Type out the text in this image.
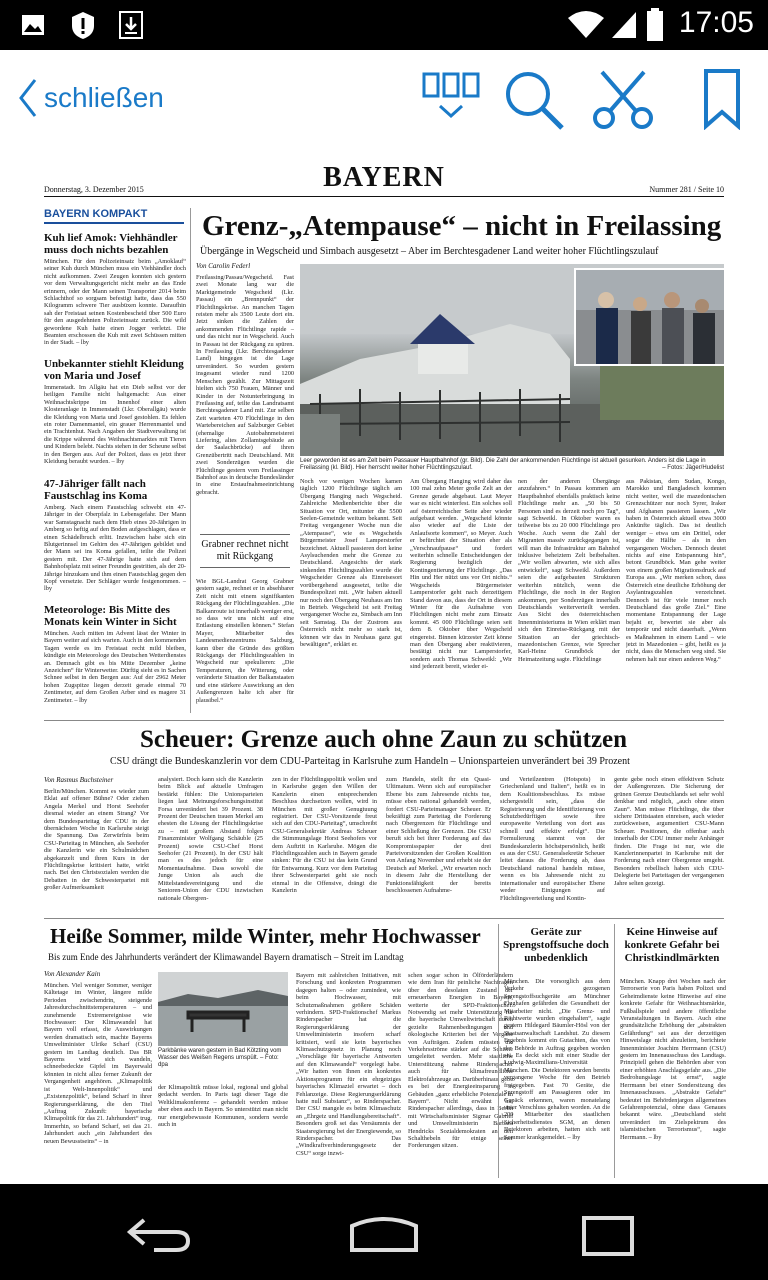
17:05
schließen
BAYERN
Donnerstag, 3. Dezember 2015	Nummer 281 / Seite 10
BAYERN KOMPAKT
Kuh lief Amok: Viehhändler muss doch nichts bezahlen
München. Für den Polizeieinsatz beim „Amoklauf“ seiner Kuh durch München muss ein Viehhändler doch nicht aufkommen. Zwei Zeugen konnten sich gestern vor dem Verwaltungsgericht nicht mehr an das Ende erinnern, oder der Mann seinen Transporter 2014 beim Schlachthof so sorgsam befestigt hatte, dass das 550 Kilogramm schwere Tier ausbüxen konnte. Daraufhin sah der Freistaat seinen Kostenbescheid über 500 Euro für den ausgedehnten Polizeieinsatz zurück. Die wild gewordene Kuh hatte einen Jogger verletzt. Die Beamten erschossen die Kuh mit zwei Schüssen mitten in der Stadt. – lby
Unbekannter stiehlt Kleidung von Maria und Josef
Immenstadt. Im Allgäu hat ein Dieb selbst vor der heiligen Familie nicht haltgemacht: Aus einer Weihnachtskrippe im Innenhof einer alten Klosteranlage in Immenstadt (Lkr. Oberallgäu) wurde die Kleidung von Maria und Josef gestohlen. Es fehlen ein roter Damenmantel, ein grauer Herrenmantel und ein Trachtenhut. Nach Angaben der Stadtverwaltung ist die Krippe während des Weihnachtsmarktes mit Tieren und Kindern belebt. Nachts stehen in der Scheune selbst in den Bergen aus. Auf der Polizei, dass es jetzt ihrer Kleidung beraubt wurden. – lby
47-Jähriger fällt nach Faustschlag ins Koma
Amberg. Nach einem Faustschlag schwebt ein 47-Jähriger in der Oberpfalz in Lebensgefahr. Der Mann war Samstagnacht nach dem Hieb eines 20-Jährigen in Amberg so heftig auf den Boden aufgeschlagen, dass er einen Schädelbruch erlitt. Inzwischen habe sich ein Blutgerinnsel im Gehirn des 47-Jährigen gebildet und der Mann sei ins Koma gefallen, teilte die Polizei gestern mit. Der 47-Jährige hatte sich auf dem Bahnhofsplatz mit seiner Freundin gestritten, als der 20-Jährige hinzukam und ihm einen Faustschlag gegen den Kopf versetzte. Der Schläger wurde festgenommen. – lby
Meteorologe: Bis Mitte des Monats kein Winter in Sicht
München. Auch mitten im Advent lässt der Winter in Bayern weiter auf sich warten. Auch in den kommenden Tagen werde es im Freistaat recht mild bleiben, kündigte ein Meteorologe des Deutschen Wetterdienstes an. Demnach gibt es bis Mitte Dezember „keine Anzeichen“ für Winterwetter. Dürftig sieht es in Sachen Schnee selbst in den Bergen aus: Auf der 2962 Meter hohen Zugspitze liegen derzeit gerade einmal 70 Zentimeter, auf dem Großen Arber sind es magere 31 Zentimeter. – lby
Grenz-„Atempause“ – nicht in Freilassing
Übergänge in Wegscheid und Simbach ausgesetzt – Aber im Berchtesgadener Land weiter hoher Flüchtlingszulauf
Von Carolin Federl
Freilassing/Passau/Wegscheid. Fast zwei Monate lang war die Marktgemeinde Wegscheid (Lkr. Passau) ein „Brennpunkt“ der Flüchtlingskrise. An manchen Tagen reisten mehr als 3500 Leute dort ein. Jetzt sinken die Zahlen der ankommenden Flüchtlinge rapide – und das nicht nur in Wegscheid. Auch in Passau ist der Rückgang zu spüren. In Freilassing (Lkr. Berchtesgadener Land) hingegen ist die Lage unverändert. So wurden gestern insgesamt wieder rund 1200 Menschen gezählt. Zur Mittagszeit hielten sich 750 Frauen, Männer und Kinder in der Notunterbringung in Freilassing auf, teilte das Landratsamt Berchtesgadener Land mit. Zur selben Zeit warteten 470 Flüchtlinge in den Wartebereichen auf Salzburger Gebiet (ehemalige Autobahnmeisterei Liefering, altes Zollamtsgebäude an der Saalachbrücke) auf ihren Grenzübertritt nach Deutschland. Mit zwei Sonderzügen wurden die Flüchtlinge gestern vom Freilassinger Bahnhof aus in deutsche Bundesländer in eine Erstaufnahmeeinrichtung gebracht.
Grabner rechnet nicht mit Rückgang
Wie BGL-Landrat Georg Grabner gestern sagte, rechnet er in absehbarer Zeit nicht mit einem signifikanten Rückgang der Flüchtlingszahlen. „Die Balkanroute ist innerhalb weniger erst, so dass wir uns nicht auf eine Entlastung einstellen können.“ Stefan Mayer, Mitarbeiter des Landesmedienzentrums Salzburg, kann über die Gründe des größten Rückgangs der Flüchtlingszahlen in Wegscheid nur spekulieren: „Die Temperaturen, die Witterung, oder veränderte Situation der Balkanstaaten und eine stärkere Auswirkung an den Außengrenzen halte ich aber für plausibel.“
Leer geworden ist es am Zelt beim Passauer Hauptbahnhof (gr. Bild). Die Zahl der ankommenden Flüchtlinge ist aktuell gesunken. Anders ist die Lage in Freilassing (kl. Bild). Hier herrscht weiter hoher Flüchtlingszulauf.	– Fotos: Jäger/Hudelist
Noch vor wenigen Wochen kamen täglich 1200 Flüchtlinge täglich am Übergang Hanging nach Wegscheid. Zahlreiche Medienberichte über die Situation vor Ort, mitunter die 5500 Seelen-Gemeinde weitum bekannt. Seit Freitag vergangener Woche nun die „Atempause“, wie es Wegscheids Bürgermeister Josef Lamperstorfer bezeichnet. Aktuell passieren dort keine Asylsuchenden mehr die Grenze zu Deutschland. Angesichts der stark sinkenden Flüchtlingszahlen wurde die Wegscheider Grenze als Einreisesort vorübergehend ausgesetzt, teilte die Bundespolizei mit. „Wir haben aktuell nur noch den Übergang Neuhaus am Inn in Betrieb. Wegscheid ist seit Freitag vergangener Woche zu, Simbach am Inn seit Samstag. Da der Zustrom aus Österreich nicht mehr so stark ist, können wir das in Neuhaus ganz gut bewältigen“, erklärt er.
Am Übergang Hanging wird daher das 100 mal zehn Meter große Zelt an der Grenze gerade abgebaut. Laut Meyer war es nicht winterfest. Ein solches soll auf österreichischer Seite aber wieder aufgebaut werden. „Wegscheid könnte also wieder auf die Liste der Anlaufsorte kommen“, so Meyer. Auch er befürchtet der Situation eher als „Verschnaufpause“ und fordert weiterhin schnelle Entscheidungen der Regierung bezüglich der Kontingentierung der Flüchtlinge. „Das Hin und Her nützt uns vor Ort nichts.“ Wegscheids Bürgermeister Lamperstorfer geht nach derzeitigem Stand davon aus, dass der Ort in diesem Winter für die Aufnahme von Flüchtlingen nicht mehr zum Einsatz kommt. 45 000 Flüchtlinge seien seit dem 8. Oktober über Wegscheid eingereist. Binnen kürzester Zeit könne man den Übergang aber reaktivieren, bestätigt nicht nur Lamperstorfer, sondern auch Thomas Schweikl: „Wir sind jederzeit bereit, wieder ei-
nen der anderen Übergänge anzufahren.“ In Passau kommen am Hauptbahnhof ebenfalls praktisch keine Flüchtlinge mehr an. „50 bis 50 Personen sind es derzeit noch pro Tag“, sagt Schweikl. In Oktober waren es teilweise bis zu 20 000 Flüchtlinge pro Woche. Auch wenn die Zahl der Migranten massiv zurückgegangen ist, will man die Infrastruktur am Bahnhof inklusive beheiztem Zelt beibehalten. „Wir wollen abwarten, wie sich alles entwickelt“, sagt Schweikl. Außerdem seien die aufgebauten Strukturen weiterhin nützlich, wenn die Flüchtlinge, die noch in der Region ankommen, per Sonderzügen innerhalb Deutschlands weiterverteilt werden. Aus Sicht des österreichischen Innenministeriums in Wien erklärt man sich den Einreise-Rückgang mit der Situation an der griechisch-mazedonischen Grenze, wie Sprecher Karl-Heinz Grundböck der Heimatzeitung sagte. Flüchtlinge
aus Pakistan, dem Sudan, Kongo, Marokko und Bangladesch kommen nicht weiter, weil die mazedonischen Grenzschützer nur noch Syrer, Iraker und Afghanen passieren lassen. „Wir haben in Österreich aktuell etwa 3000 Ankünfte täglich. Das ist deutlich weniger – etwa um ein Drittel, oder sogar die Hälfte – als in den vergangenen Wochen. Dennoch deutet nichts auf eine Entspannung hin“, betont Grundböck. Man gehe weiter von einem großen Migrationsdruck auf Europa aus. „Wir merken schon, dass Österreich eine deutliche Erhöhung der Asylantragszahlen verzeichnet. Dennoch ist für viele immer noch Deutschland das große Ziel.“ Eine momentane Entspannung der Lage bejaht er, bewertet sie aber als temporär und nicht dauerhaft. „Wenn es Maßnahmen in einem Land – wie jetzt in Mazedonien – gibt, heißt es ja nicht, dass die Menschen weg sind. Sie nehmen halt nur einen anderen Weg.“
Scheuer: Grenze auch ohne Zaun zu schützen
CSU drängt die Bundeskanzlerin vor dem CDU-Parteitag in Karlsruhe zum Handeln – Unionsparteien unverändert bei 39 Prozent
Von Rasmus Buchsteiner
Berlin/München. Kommt es wieder zum Eklat auf offener Bühne? Oder ziehen Angela Merkel und Horst Seehofer diesmal wieder an einem Strang? Vor dem Bundesparteitag der CDU in der übernächsten Woche in Karlsruhe steigt die Spannung. Das Zerwürfnis beim CSU-Parteitag in München, als Seehofer die Kanzlerin wie ein Schulmädchen abgekanzelt und ihren Kurs in der Flüchtlingskrise kritisiert hatte, wirkt nach. Bei den Christsozialen werden die Debatten in der Schwesterpartei mit großer Aufmerksamkeit
analysiert. Doch kann sich die Kanzlerin beim Blick auf aktuelle Umfragen bestärkt fühlen: Die Unionsparteien liegen laut Meinungsforschungsinstitut Forsa unverändert bei 39 Prozent. 38 Prozent der Deutschen trauen Merkel am ehesten die Lösung der Flüchtlingskrise zu – mit großem Abstand folgen Finanzminister Wolfgang Schäuble (25 Prozent) sowie CSU-Chef Horst Seehofer (21 Prozent). In der CSU hält man es des jedoch für eine Momentaufnahme. Dass sowohl die Junge Union als auch die Mittelstandsvereinigung und die Senioren-Union der CDU inzwischen nationale Obergren-
zen in der Flüchtlingspolitik wollen und in Karlsruhe gegen den Willen der Kanzlerin einen entsprechenden Beschluss durchsetzen wollen, wird in München mit großer Genugtuung registriert. Der CSU-Vorsitzende freut sich auf den CDU-Parteitag“, umschreibt CSU-Generalsekretär Andreas Scheuer die Stimmungslage Horst Seehofers vor dem Auftritt in Karlsruhe. Mögen die Flüchtlingszahlen auch in Bayern gerade sinken: Für die CSU ist das kein Grund für Entwarnung. Kurz vor dem Parteitag ihrer Schwesterpartei geht sie noch einmal in die Offensive, drängt die Kanzlerin
zum Handeln, stellt ihr ein Quasi-Ultimatum. Wenn sich auf europäischer Ebene bis zum Jahresende nichts tue, müsse eben national gehandelt werden, fordert CSU-Parteimanager Scheuer. Er bekräftigt zum Parteitag die Forderung nach Obergrenzen für Flüchtlinge und einer Schließung der Grenzen. Die CSU beruft sich bei ihrer Forderung auf das Kompromisspapier der drei Parteivorsitzenden der Großen Koalition von Anfang November und erhebt sie der Deutsch auf Merkel. „Wir erwarten noch in diesem Jahr die Herstellung der Funktionsfähigkeit der bereits beschlossenen Aufnahme-
und Verteilzentren (Hotspots) in Griechenland und Italien“, heißt es in dem Koalitionsbeschluss. Es müsse sichergestellt sein, „dass die Registrierung und die Identifizierung von Schutzbedürftigen sowie ihre europaweite Verteilung von dort aus schnell und effektiv erfolgt“. Die Formulierung stammt von der Bundeskanzlerin höchstpersönlich, heißt es aus der CSU. Generalsekretär Scheuer leitet daraus die Forderung ab, dass Deutschland national handeln müsse, wenn es bis Jahresende nicht zu internationaler und europäischer Ebene weder Einigungen auf Flüchtlingsverteilung und Kontin-
gente gebe noch einen effektiven Schutz der Außengrenzen. Die Sicherung der grünen Grenze Deutschlands sei sehr wohl denkbar und möglich, „auch ohne einen Zaun“. Man müsse Flüchtlinge, die über sichere Drittstaaten einreisen, auch wieder zurückweisen, argumentiert CSU-Mann Scheuer. Positionen, die offenbar auch innerhalb der CDU immer mehr Anhänger finden. Die Frage ist nur, wie die Kanzlerinnenpartei in Karlsruhe mit der Forderung nach einer Obergrenze umgeht. Besonders rebellisch haben sich CDU-Delegierte bei Parteitagen der vergangenen Jahre selten gezeigt.
Heiße Sommer, milde Winter, mehr Hochwasser
Bis zum Ende des Jahrhunderts verändert der Klimawandel Bayern dramatisch – Streit im Landtag
Von Alexander Kain
München. Viel weniger Sommer, weniger Kältetage im Winter, längere milde Perioden zwischendrin, steigende Jahresdurchschnittstemperaturen – und zunehmende Extremereignisse wie Hochwasser: Der Klimawandel hat Bayern voll erfasst, die Auswirkungen werden dramatisch sein, machte Bayerns Umweltminister Ulrike Scharf (CSU) gestern im Landtag deutlich. Das BR Bayerns wird sich wandeln, schneebedeckte Gipfel im Bayerwald könnten in nicht allzu ferner Zukunft der Vergangenheit angehören. „Klimapolitik ist Welt-Innenpolitik“ und „Existenzpolitik“, befand Scharf in ihrer Regierungserklärung, die den Titel „Auftrag Zukunft: bayerische Klimapolitik für das 21. Jahrhundert“ trug. Immerhin, so befand Scharf, sei das 21. Jahrhundert auch „ein Jahrhundert des neuen Bewusstseins“ – in
Parkbänke waren gestern in Bad Kötzting vom Wasser des Weißen Regens umspült. – Foto: dpa
der Klimapolitik müsse lokal, regional und global gedacht werden. In Paris tagt dieser Tage die Weltklimakonferenz – gehandelt werden müsse aber eben auch in Bayern. So unterstützt man nicht nur energiebewusste Kommunen, sondern werde auch in
Bayern mit zahlreichen Initiativen, mit Forschung und konkreten Programmen dagegen halten – oder zumindest, wie beim Hochwasser, mit Schutzmaßnahmen größere Schäden verhindern. SPD-Fraktionschef Markus Rinderspacher hat die Regierungserklärung der Umweltministerin insofern scharf kritisiert, weil sie kein bayerisches Klimaschutzgesetz in Planung noch „Vorschläge für bayerische Antworten auf den Klimawandel“ vorgelegt habe. „Wir hatten von Ihnen ein konkretes Aktionsprogramm für ein ehrgeiziges bayerisches Klimaziel erwartet – doch Fehlanzeige. Diese Regierungserklärung hatte null Substanz“, so Rinderspacher. Der CSU mangele es beim Klimaschutz an „Ehrgeiz und Handlungsbereitschaft“. Besonders groß sei das Versäumnis der Staatsregierung bei der Energiewende, so Rinderspacher. Das „Windkraftverhinderungsgesetz der CSU“ sorge inzwi-
schen sogar schon in Ölförderländern wie dem Iran für peinliche Nachfragen über den desolaten Zustand der erneuerbaren Energien in Bayern, wetterte der SPD-Fraktionschef. Notwendig sei mehr Unterstützung für die bayerische Umweltwirtschaft durch gezielte Rahmenbedingungen und ökologische Kriterien bei der Vergabe von Aufträgen. Zudem müssten die Verkehrsströme stärker auf die Schiene umgeleitet werden. Mehr staatliche Unterstützung nahme Rinderspacher auch für klimafreundliche Elektrofahrzeuge an. Darüberhinaus gebe es bei der Energieeinsparung in Gebäuden „ganz erhebliche Potenziale in Bayern“. Nicht erwähnt hat Rinderspacher allerdings, dass in Berlin mit Wirtschaftsminister Sigmar Gabriel und Umweltministerin Barbara Hendricks Sozialdemokraten an den Schalthebeln für einige seiner Forderungen sitzen.
Geräte zur Sprengstoffsuche doch unbedenklich
München. Die vorsorglich aus dem Verkehr gezogenen Sprengstoffsuchgeräte am Münchner Flughafen gefährden die Gesundheit der Mitarbeiter nicht. „Die Grenz- und Richtwerte wurden eingehalten“, sagte gestern Hildegard Bäumler-Hösl von der Staatsanwaltschaft Landshut. Zu diesem Ergebnis kommt ein Gutachten, das von der Behörde in Auftrag gegeben worden sei. Es deckt sich mit einer Studie der Ludwig-Maximilians-Universität München. Die Detektoren wurden bereits vergangene Woche für den Betrieb freigegeben. Fast 70 Geräte, die Sprengstoff am Passagieren oder im Gepäck erkennen, waren monatelang unter Verschluss gehalten worden. An die 200 Mitarbeiter des staatlichen Sicherheitsdienstes SGM, an denen Detektoren arbeiten, hatten sich seit Sommer krankgemeldet. – lby
Keine Hinweise auf konkrete Gefahr bei Christkindlmärkten
München. Knapp drei Wochen nach der Terrorserie von Paris haben Polizei und Geheimdienste keine Hinweise auf eine konkrete Gefahr für Weihnachtsmärkte, Fußballspiele und andere öffentliche Veranstaltungen in Bayern. Auch eine grundsätzliche Erhöhung der „abstrakten Gefährdung“ sei aus der derzeitigen Hinweislage nicht abzuleiten, berichtete Innenminister Joachim Herrmann (CSU) gestern im Innenausschuss des Landtags. Prinzipiell gehen die Behörden aber von einer erhöhten Anschlagsgefahr aus. „Die Bedrohungslage ist ernst“, sagte Herrmann bei einer Sondersitzung des Innenausschusses. „Abstrakte Gefahr“ bedeutet im Behördenjargon allgemeines Gefahrenpotenzial, ohne dass Genaues bekannt wäre. „Deutschland steht unverändert im Zielspektrum des islamistischen Terrorismus“, sagte Herrmann. – lby
